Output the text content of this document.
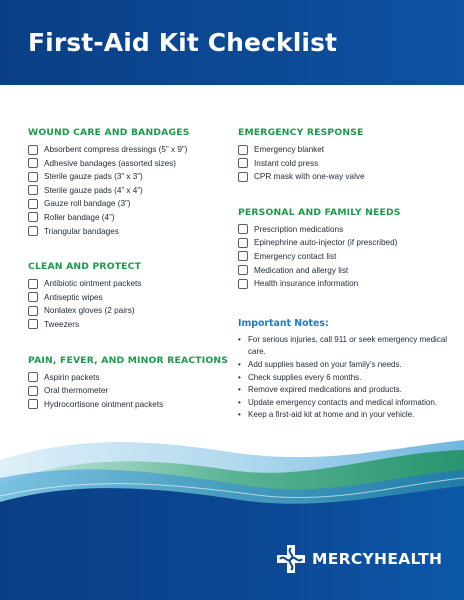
First-Aid Kit Checklist
WOUND CARE AND BANDAGES
Absorbent compress dressings (5” x 9”)
Adhesive bandages (assorted sizes)
Sterile gauze pads (3” x 3”)
Sterile gauze pads (4” x 4”)
Gauze roll bandage (3”)
Roller bandage (4”)
Triangular bandages
CLEAN AND PROTECT
Antibiotic ointment packets
Antiseptic wipes
Nonlatex gloves (2 pairs)
Tweezers
PAIN, FEVER, AND MINOR REACTIONS
Aspirin packets
Oral thermometer
Hydrocortisone ointment packets
EMERGENCY RESPONSE
Emergency blanket
Instant cold press
CPR mask with one-way valve
PERSONAL AND FAMILY NEEDS
Prescription medications
Epinephrine auto-injector (if prescribed)
Emergency contact list
Medication and allergy list
Health insurance information
Important Notes:
• For serious injuries, call 911 or seek emergency medical care.
• Add supplies based on your family’s needs.
• Check supplies every 6 months.
• Remove expired medications and products.
• Update emergency contacts and medical information.
• Keep a first-aid kit at home and in your vehicle.
MERCYHEALTH
